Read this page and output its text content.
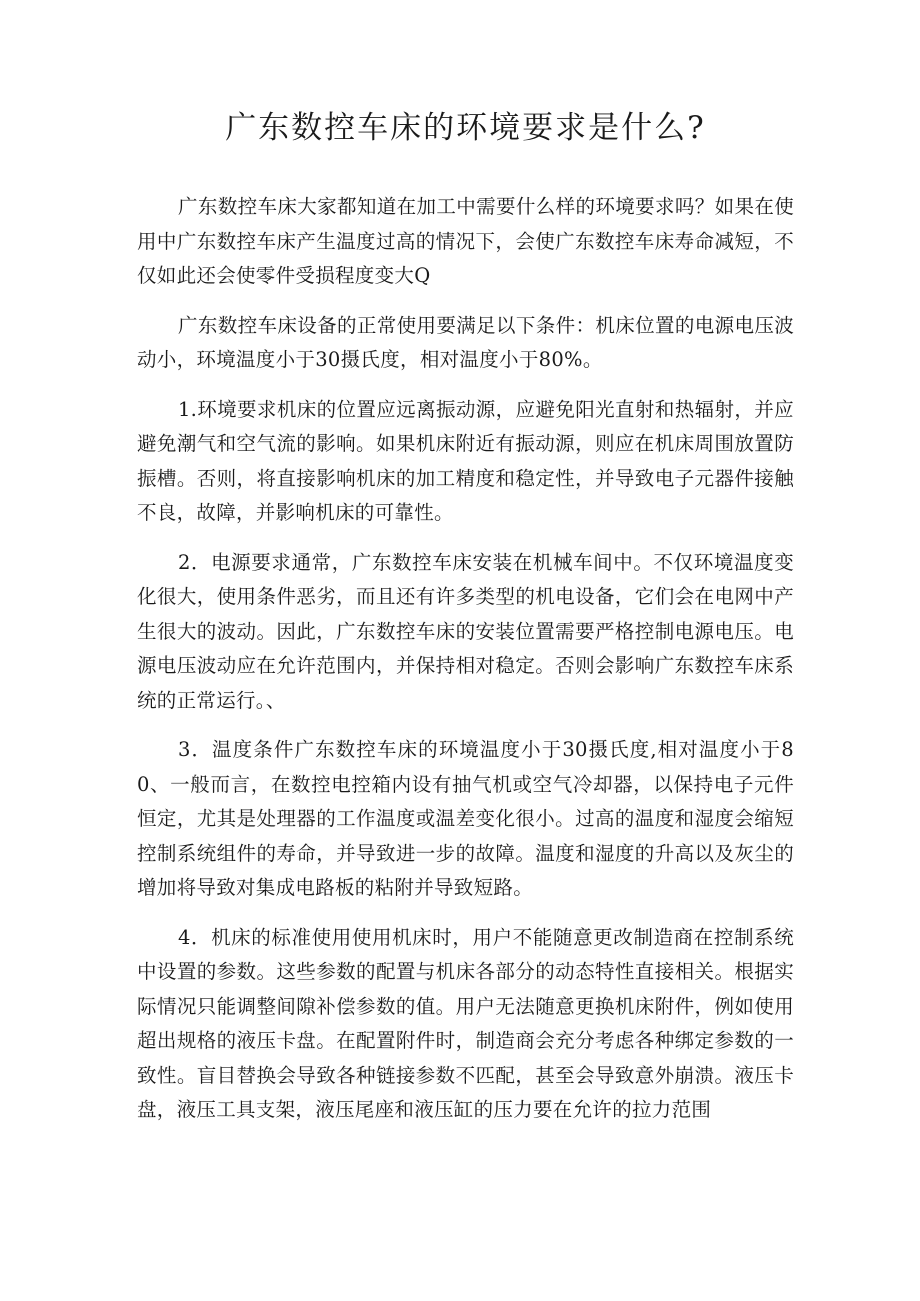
广东数控车床的环境要求是什么?

广东数控车床大家都知道在加工中需要什么样的环境要求吗？如果在使用中广东数控车床产生温度过高的情况下，会使广东数控车床寿命减短，不仅如此还会使零件受损程度变大Q

广东数控车床设备的正常使用要满足以下条件：机床位置的电源电压波动小，环境温度小于30摄氏度，相对温度小于80%。

1.环境要求机床的位置应远离振动源，应避免阳光直射和热辐射，并应避免潮气和空气流的影响。如果机床附近有振动源，则应在机床周围放置防振槽。否则，将直接影响机床的加工精度和稳定性，并导致电子元器件接触不良，故障，并影响机床的可靠性。

2．电源要求通常，广东数控车床安装在机械车间中。不仅环境温度变化很大，使用条件恶劣，而且还有许多类型的机电设备，它们会在电网中产生很大的波动。因此，广东数控车床的安装位置需要严格控制电源电压。电源电压波动应在允许范围内，并保持相对稳定。否则会影响广东数控车床系统的正常运行。、

3．温度条件广东数控车床的环境温度小于30摄氏度,相对温度小于80、一般而言，在数控电控箱内设有抽气机或空气冷却器，以保持电子元件恒定，尤其是处理器的工作温度或温差变化很小。过高的温度和湿度会缩短控制系统组件的寿命，并导致进一步的故障。温度和湿度的升高以及灰尘的增加将导致对集成电路板的粘附并导致短路。

4．机床的标准使用使用机床时，用户不能随意更改制造商在控制系统中设置的参数。这些参数的配置与机床各部分的动态特性直接相关。根据实际情况只能调整间隙补偿参数的值。用户无法随意更换机床附件，例如使用超出规格的液压卡盘。在配置附件时，制造商会充分考虑各种绑定参数的一致性。盲目替换会导致各种链接参数不匹配，甚至会导致意外崩溃。液压卡盘，液压工具支架，液压尾座和液压缸的压力要在允许的拉力范围
